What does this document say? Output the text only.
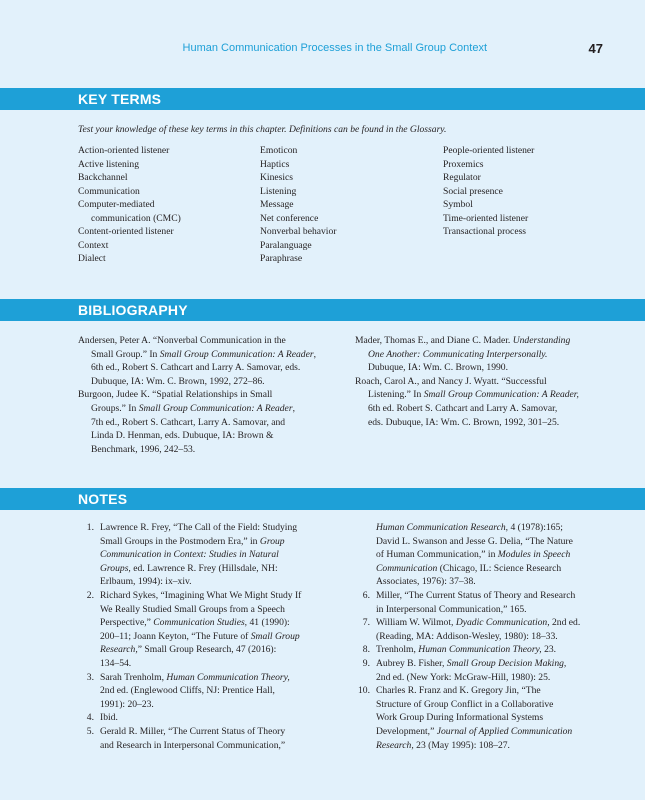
Human Communication Processes in the Small Group Context	47
KEY TERMS
Test your knowledge of these key terms in this chapter. Definitions can be found in the Glossary.
Action-oriented listener
Active listening
Backchannel
Communication
Computer-mediated
communication (CMC)
Content-oriented listener
Context
Dialect
Emoticon
Haptics
Kinesics
Listening
Message
Net conference
Nonverbal behavior
Paralanguage
Paraphrase
People-oriented listener
Proxemics
Regulator
Social presence
Symbol
Time-oriented listener
Transactional process
BIBLIOGRAPHY
Andersen, Peter A. “Nonverbal Communication in the
Small Group.” In Small Group Communication: A Reader,
6th ed., Robert S. Cathcart and Larry A. Samovar, eds.
Dubuque, IA: Wm. C. Brown, 1992, 272–86.
Burgoon, Judee K. “Spatial Relationships in Small
Groups.” In Small Group Communication: A Reader,
7th ed., Robert S. Cathcart, Larry A. Samovar, and
Linda D. Henman, eds. Dubuque, IA: Brown &
Benchmark, 1996, 242–53.
Mader, Thomas E., and Diane C. Mader. Understanding
One Another: Communicating Interpersonally.
Dubuque, IA: Wm. C. Brown, 1990.
Roach, Carol A., and Nancy J. Wyatt. “Successful
Listening.” In Small Group Communication: A Reader,
6th ed. Robert S. Cathcart and Larry A. Samovar,
eds. Dubuque, IA: Wm. C. Brown, 1992, 301–25.
NOTES
1. Lawrence R. Frey, “The Call of the Field: Studying
Small Groups in the Postmodern Era,” in Group
Communication in Context: Studies in Natural
Groups, ed. Lawrence R. Frey (Hillsdale, NH:
Erlbaum, 1994): ix–xiv.
2. Richard Sykes, “Imagining What We Might Study If
We Really Studied Small Groups from a Speech
Perspective,” Communication Studies, 41 (1990):
200–11; Joann Keyton, “The Future of Small Group
Research,” Small Group Research, 47 (2016):
134–54.
3. Sarah Trenholm, Human Communication Theory,
2nd ed. (Englewood Cliffs, NJ: Prentice Hall,
1991): 20–23.
4. Ibid.
5. Gerald R. Miller, “The Current Status of Theory
and Research in Interpersonal Communication,”
Human Communication Research, 4 (1978):165;
David L. Swanson and Jesse G. Delia, “The Nature
of Human Communication,” in Modules in Speech
Communication (Chicago, IL: Science Research
Associates, 1976): 37–38.
6. Miller, “The Current Status of Theory and Research
in Interpersonal Communication,” 165.
7. William W. Wilmot, Dyadic Communication, 2nd ed.
(Reading, MA: Addison-Wesley, 1980): 18–33.
8. Trenholm, Human Communication Theory, 23.
9. Aubrey B. Fisher, Small Group Decision Making,
2nd ed. (New York: McGraw-Hill, 1980): 25.
10. Charles R. Franz and K. Gregory Jin, “The
Structure of Group Conflict in a Collaborative
Work Group During Informational Systems
Development,” Journal of Applied Communication
Research, 23 (May 1995): 108–27.
